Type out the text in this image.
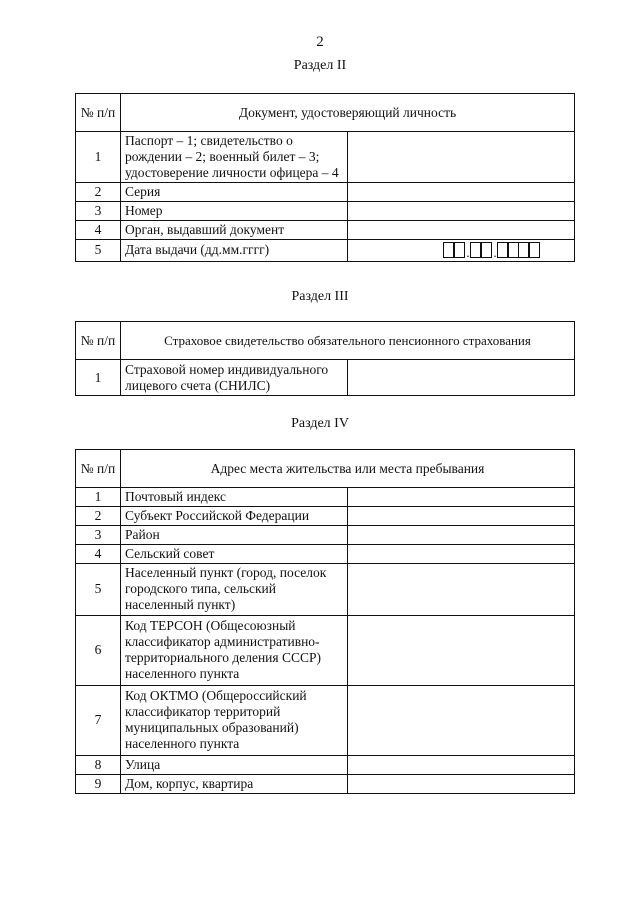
2
Раздел II
№ п/п	Документ, удостоверяющий личность	
1	Паспорт – 1; свидетельство о рождении – 2; военный билет – 3; удостоверение личности офицера – 4	
2	Серия	
3	Номер	
4	Орган, выдавший документ	
5	Дата выдачи (дд.мм.гггг)	. .
Раздел III
№ п/п	Страховое свидетельство обязательного пенсионного страхования	
1	Страховой номер индивидуального лицевого счета (СНИЛС)	
Раздел IV
№ п/п	Адрес места жительства или места пребывания	
1	Почтовый индекс	
2	Субъект Российской Федерации	
3	Район	
4	Сельский совет	
5	Населенный пункт (город, поселок городского типа, сельский населенный пункт)	
6	Код ТЕРСОН (Общесоюзный классификатор административно-территориального деления СССР) населенного пункта	
7	Код ОКТМО (Общероссийский классификатор территорий муниципальных образований) населенного пункта	
8	Улица	
9	Дом, корпус, квартира	
